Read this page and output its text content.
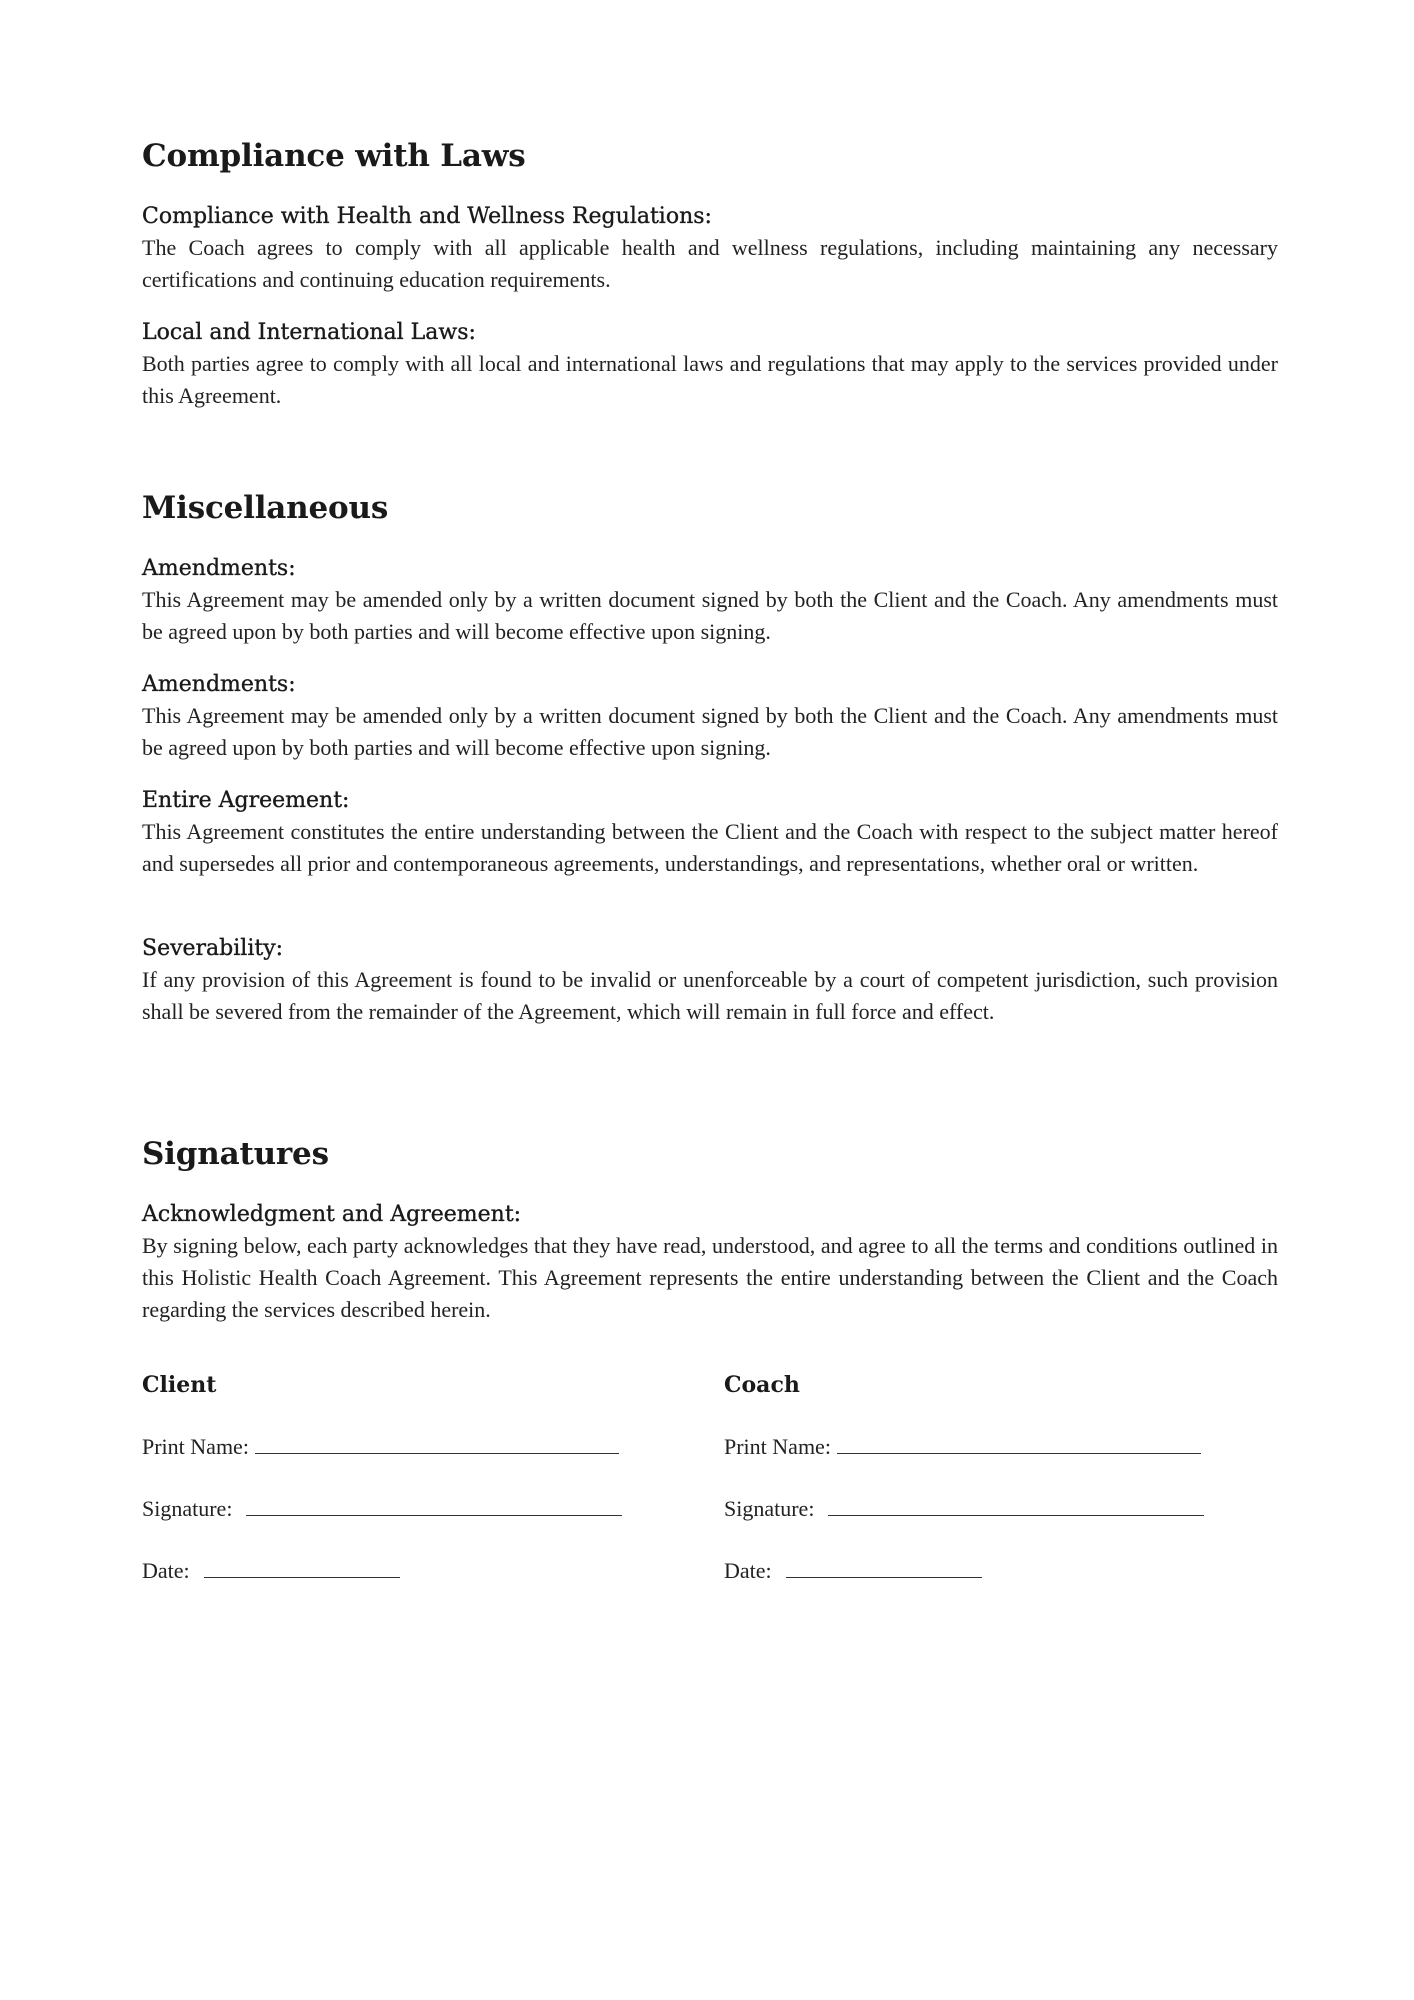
Compliance with Laws

Compliance with Health and Wellness Regulations:

The Coach agrees to comply with all applicable health and wellness regulations, including maintaining any necessary certifications and continuing education requirements.

Local and International Laws:

Both parties agree to comply with all local and international laws and regulations that may apply to the services provided under this Agreement.

Miscellaneous

Amendments:

This Agreement may be amended only by a written document signed by both the Client and the Coach. Any amendments must be agreed upon by both parties and will become effective upon signing.

Amendments:

This Agreement may be amended only by a written document signed by both the Client and the Coach. Any amendments must be agreed upon by both parties and will become effective upon signing.

Entire Agreement:

This Agreement constitutes the entire understanding between the Client and the Coach with respect to the subject matter hereof and supersedes all prior and contemporaneous agreements, understandings, and representations, whether oral or written.

Severability:

If any provision of this Agreement is found to be invalid or unenforceable by a court of competent jurisdiction, such provision shall be severed from the remainder of the Agreement, which will remain in full force and effect.

Signatures

Acknowledgment and Agreement:

By signing below, each party acknowledges that they have read, understood, and agree to all the terms and conditions outlined in this Holistic Health Coach Agreement. This Agreement represents the entire understanding between the Client and the Coach regarding the services described herein.

Client

Print Name:
Signature:
Date:

Coach

Print Name:
Signature:
Date:
